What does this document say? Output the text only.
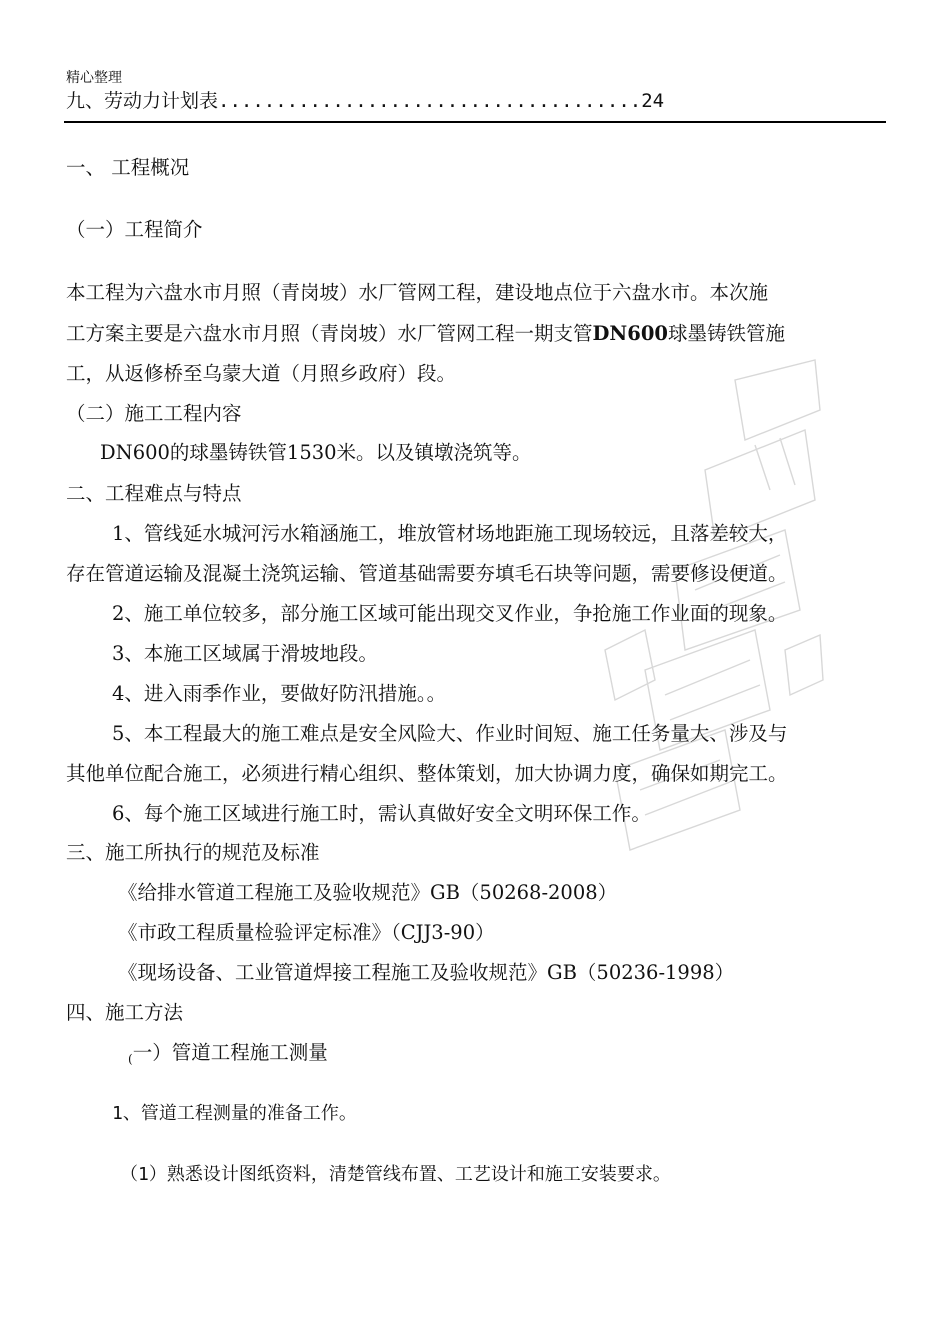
精心整理
九、劳动力计划表.....................................24
一、 工程概况
（一）工程简介
本工程为六盘水市月照（青岗坡）水厂管网工程，建设地点位于六盘水市。本次施
工方案主要是六盘水市月照（青岗坡）水厂管网工程一期支管DN600球墨铸铁管施
工，从返修桥至乌蒙大道（月照乡政府）段。
（二）施工工程内容
DN600的球墨铸铁管1530米。以及镇墩浇筑等。
二、工程难点与特点
1、管线延水城河污水箱涵施工，堆放管材场地距施工现场较远，且落差较大，
存在管道运输及混凝土浇筑运输、管道基础需要夯填毛石块等问题，需要修设便道。
2、施工单位较多，部分施工区域可能出现交叉作业，争抢施工作业面的现象。
3、本施工区域属于滑坡地段。
4、进入雨季作业，要做好防汛措施。。
5、本工程最大的施工难点是安全风险大、作业时间短、施工任务量大、涉及与
其他单位配合施工，必须进行精心组织、整体策划，加大协调力度，确保如期完工。
6、每个施工区域进行施工时，需认真做好安全文明环保工作。
三、施工所执行的规范及标准
《给排水管道工程施工及验收规范》GB（50268-2008）
《市政工程质量检验评定标准》（CJJ3-90）
《现场设备、工业管道焊接工程施工及验收规范》GB（50236-1998）
四、施工方法
$_($一）管道工程施工测量
1、管道工程测量的准备工作。
（1）熟悉设计图纸资料，清楚管线布置、工艺设计和施工安装要求。
